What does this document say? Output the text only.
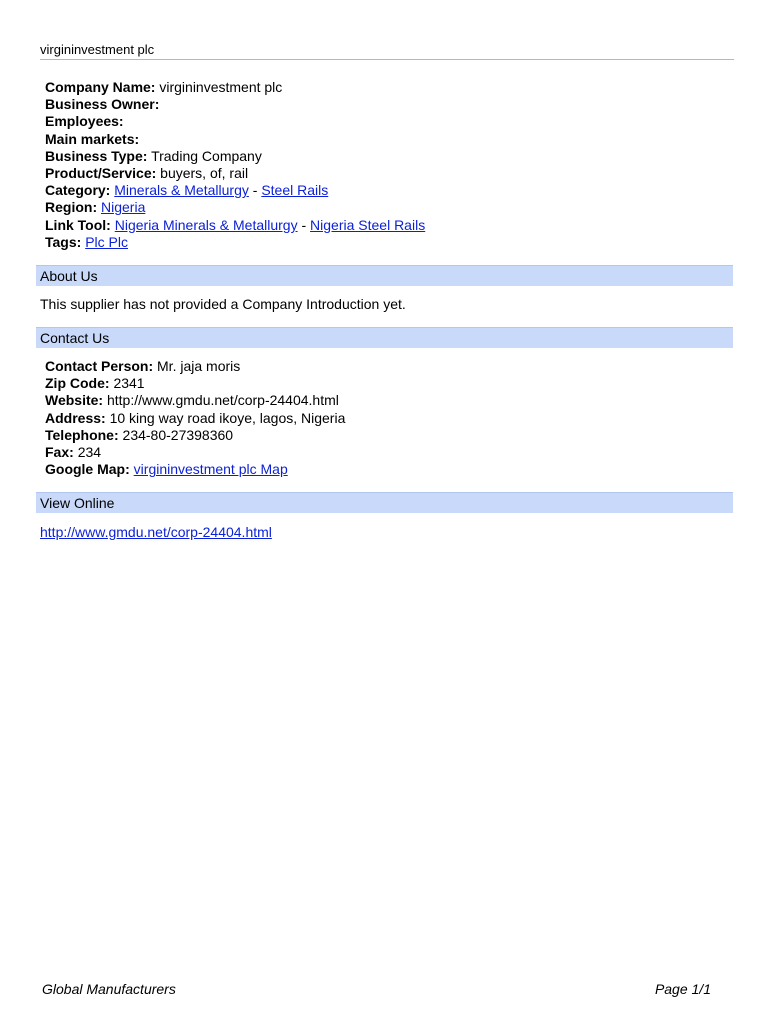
virgininvestment plc
Company Name: virgininvestment plc
Business Owner:
Employees:
Main markets:
Business Type: Trading Company
Product/Service: buyers, of, rail
Category: Minerals & Metallurgy - Steel Rails
Region: Nigeria
Link Tool: Nigeria Minerals & Metallurgy - Nigeria Steel Rails
Tags: Plc Plc
About Us
This supplier has not provided a Company Introduction yet.
Contact Us
Contact Person: Mr. jaja moris
Zip Code: 2341
Website: http://www.gmdu.net/corp-24404.html
Address: 10 king way road ikoye, lagos, Nigeria
Telephone: 234-80-27398360
Fax: 234
Google Map: virgininvestment plc Map
View Online
http://www.gmdu.net/corp-24404.html
Global Manufacturers	Page 1/1
